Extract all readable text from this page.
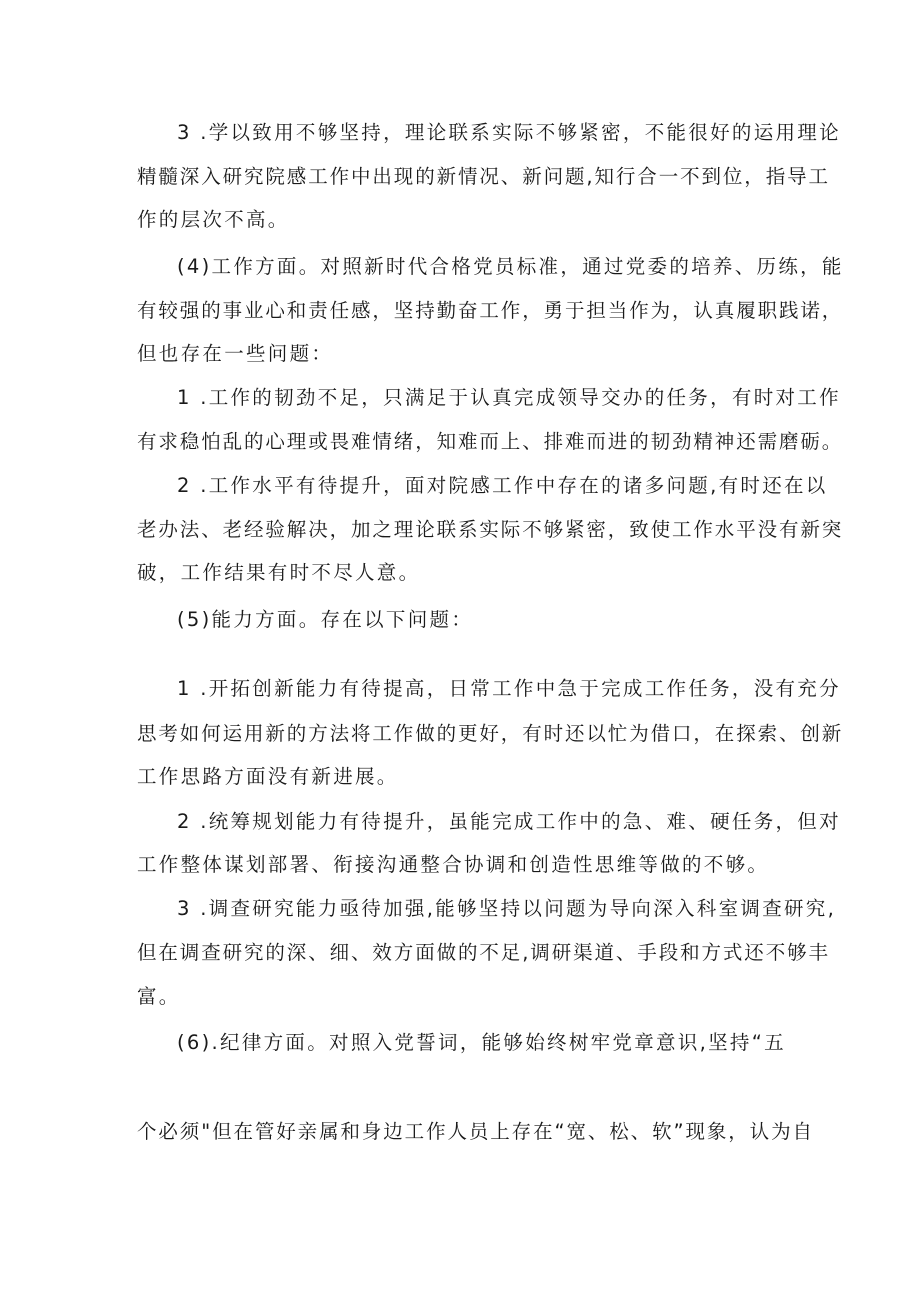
3 .学以致用不够坚持，理论联系实际不够紧密，不能很好的运用理论
精髓深入研究院感工作中出现的新情况、新问题,知行合一不到位，指导工
作的层次不高。
(4)工作方面。对照新时代合格党员标准，通过党委的培养、历练，能
有较强的事业心和责任感，坚持勤奋工作，勇于担当作为，认真履职践诺，
但也存在一些问题：
1 .工作的韧劲不足，只满足于认真完成领导交办的任务，有时对工作
有求稳怕乱的心理或畏难情绪，知难而上、排难而进的韧劲精神还需磨砺。
2 .工作水平有待提升，面对院感工作中存在的诸多问题,有时还在以
老办法、老经验解决，加之理论联系实际不够紧密，致使工作水平没有新突
破，工作结果有时不尽人意。
(5)能力方面。存在以下问题：
1 .开拓创新能力有待提高，日常工作中急于完成工作任务，没有充分
思考如何运用新的方法将工作做的更好，有时还以忙为借口，在探索、创新
工作思路方面没有新进展。
2 .统筹规划能力有待提升，虽能完成工作中的急、难、硬任务，但对
工作整体谋划部署、衔接沟通整合协调和创造性思维等做的不够。
3 .调查研究能力亟待加强,能够坚持以问题为导向深入科室调查研究,
但在调查研究的深、细、效方面做的不足,调研渠道、手段和方式还不够丰
富。
(6).纪律方面。对照入党誓词，能够始终树牢党章意识,坚持“五
个必须"但在管好亲属和身边工作人员上存在“宽、松、软”现象，认为自
